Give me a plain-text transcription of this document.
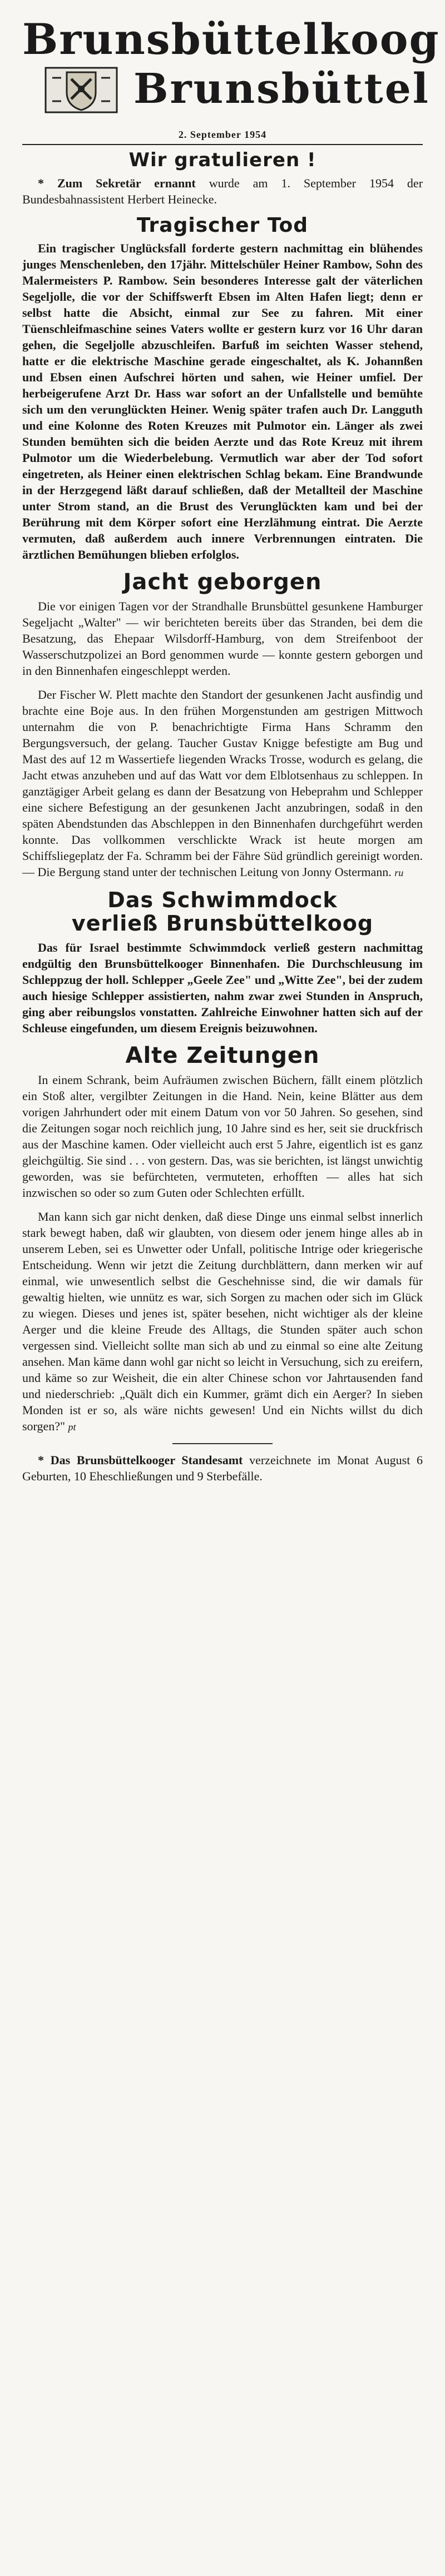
Brunsbüttelkoog
Brunsbüttel
2. September 1954
Wir gratulieren !

* Zum Sekretär ernannt wurde am 1. September 1954 der Bundesbahnassistent Herbert Heinecke.

Tragischer Tod

Ein tragischer Unglücksfall forderte gestern nachmittag ein blühendes junges Menschenleben, den 17jähr. Mittelschüler Heiner Rambow, Sohn des Malermeisters P. Rambow. Sein besonderes Interesse galt der väterlichen Segeljolle, die vor der Schiffswerft Ebsen im Alten Hafen liegt; denn er selbst hatte die Absicht, einmal zur See zu fahren. Mit einer Tüenschleifmaschine seines Vaters wollte er gestern kurz vor 16 Uhr daran gehen, die Segeljolle abzuschleifen. Barfuß im seichten Wasser stehend, hatte er die elektrische Maschine gerade eingeschaltet, als K. Johannßen und Ebsen einen Aufschrei hörten und sahen, wie Heiner umfiel. Der herbeigerufene Arzt Dr. Hass war sofort an der Unfallstelle und bemühte sich um den verunglückten Heiner. Wenig später trafen auch Dr. Langguth und eine Kolonne des Roten Kreuzes mit Pulmotor ein. Länger als zwei Stunden bemühten sich die beiden Aerzte und das Rote Kreuz mit ihrem Pulmotor um die Wiederbelebung. Vermutlich war aber der Tod sofort eingetreten, als Heiner einen elektrischen Schlag bekam. Eine Brandwunde in der Herzgegend läßt darauf schließen, daß der Metallteil der Maschine unter Strom stand, an die Brust des Verunglückten kam und bei der Berührung mit dem Körper sofort eine Herzlähmung eintrat. Die Aerzte vermuten, daß außerdem auch innere Verbrennungen eintraten. Die ärztlichen Bemühungen blieben erfolglos.

Jacht geborgen

Die vor einigen Tagen vor der Strandhalle Brunsbüttel gesunkene Hamburger Segeljacht „Walter" — wir berichteten bereits über das Stranden, bei dem die Besatzung, das Ehepaar Wilsdorff-Hamburg, von dem Streifenboot der Wasserschutzpolizei an Bord genommen wurde — konnte gestern geborgen und in den Binnenhafen eingeschleppt werden.

Der Fischer W. Plett machte den Standort der gesunkenen Jacht ausfindig und brachte eine Boje aus. In den frühen Morgenstunden am gestrigen Mittwoch unternahm die von P. benachrichtigte Firma Hans Schramm den Bergungsversuch, der gelang. Taucher Gustav Knigge befestigte am Bug und Mast des auf 12 m Wassertiefe liegenden Wracks Trosse, wodurch es gelang, die Jacht etwas anzuheben und auf das Watt vor dem Elblotsenhaus zu schleppen. In ganztägiger Arbeit gelang es dann der Besatzung von Hebeprahm und Schlepper eine sichere Befestigung an der gesunkenen Jacht anzubringen, sodaß in den späten Abendstunden das Abschleppen in den Binnenhafen durchgeführt werden konnte. Das vollkommen verschlickte Wrack ist heute morgen am Schiffsliegeplatz der Fa. Schramm bei der Fähre Süd gründlich gereinigt worden. — Die Bergung stand unter der technischen Leitung von Jonny Ostermann. ru

Das Schwimmdock
verließ Brunsbüttelkoog

Das für Israel bestimmte Schwimmdock verließ gestern nachmittag endgültig den Brunsbüttelkooger Binnenhafen. Die Durchschleusung im Schleppzug der holl. Schlepper „Geele Zee" und „Witte Zee", bei der zudem auch hiesige Schlepper assistierten, nahm zwar zwei Stunden in Anspruch, ging aber reibungslos vonstatten. Zahlreiche Einwohner hatten sich auf der Schleuse eingefunden, um diesem Ereignis beizuwohnen.

Alte Zeitungen

In einem Schrank, beim Aufräumen zwischen Büchern, fällt einem plötzlich ein Stoß alter, vergilbter Zeitungen in die Hand. Nein, keine Blätter aus dem vorigen Jahrhundert oder mit einem Datum von vor 50 Jahren. So gesehen, sind die Zeitungen sogar noch reichlich jung, 10 Jahre sind es her, seit sie druckfrisch aus der Maschine kamen. Oder vielleicht auch erst 5 Jahre, eigentlich ist es ganz gleichgültig. Sie sind . . . von gestern. Das, was sie berichten, ist längst unwichtig geworden, was sie befürchteten, vermuteten, erhofften — alles hat sich inzwischen so oder so zum Guten oder Schlechten erfüllt.

Man kann sich gar nicht denken, daß diese Dinge uns einmal selbst innerlich stark bewegt haben, daß wir glaubten, von diesem oder jenem hinge alles ab in unserem Leben, sei es Unwetter oder Unfall, politische Intrige oder kriegerische Entscheidung. Wenn wir jetzt die Zeitung durchblättern, dann merken wir auf einmal, wie unwesentlich selbst die Geschehnisse sind, die wir damals für gewaltig hielten, wie unnütz es war, sich Sorgen zu machen oder sich im Glück zu wiegen. Dieses und jenes ist, später besehen, nicht wichtiger als der kleine Aerger und die kleine Freude des Alltags, die Stunden später auch schon vergessen sind. Vielleicht sollte man sich ab und zu einmal so eine alte Zeitung ansehen. Man käme dann wohl gar nicht so leicht in Versuchung, sich zu ereifern, und käme so zur Weisheit, die ein alter Chinese schon vor Jahrtausenden fand und niederschrieb: „Quält dich ein Kummer, grämt dich ein Aerger? In sieben Monden ist er so, als wäre nichts gewesen! Und ein Nichts willst du dich sorgen?" pt

* Das Brunsbüttelkooger Standesamt verzeichnete im Monat August 6 Geburten, 10 Eheschließungen und 9 Sterbefälle.
